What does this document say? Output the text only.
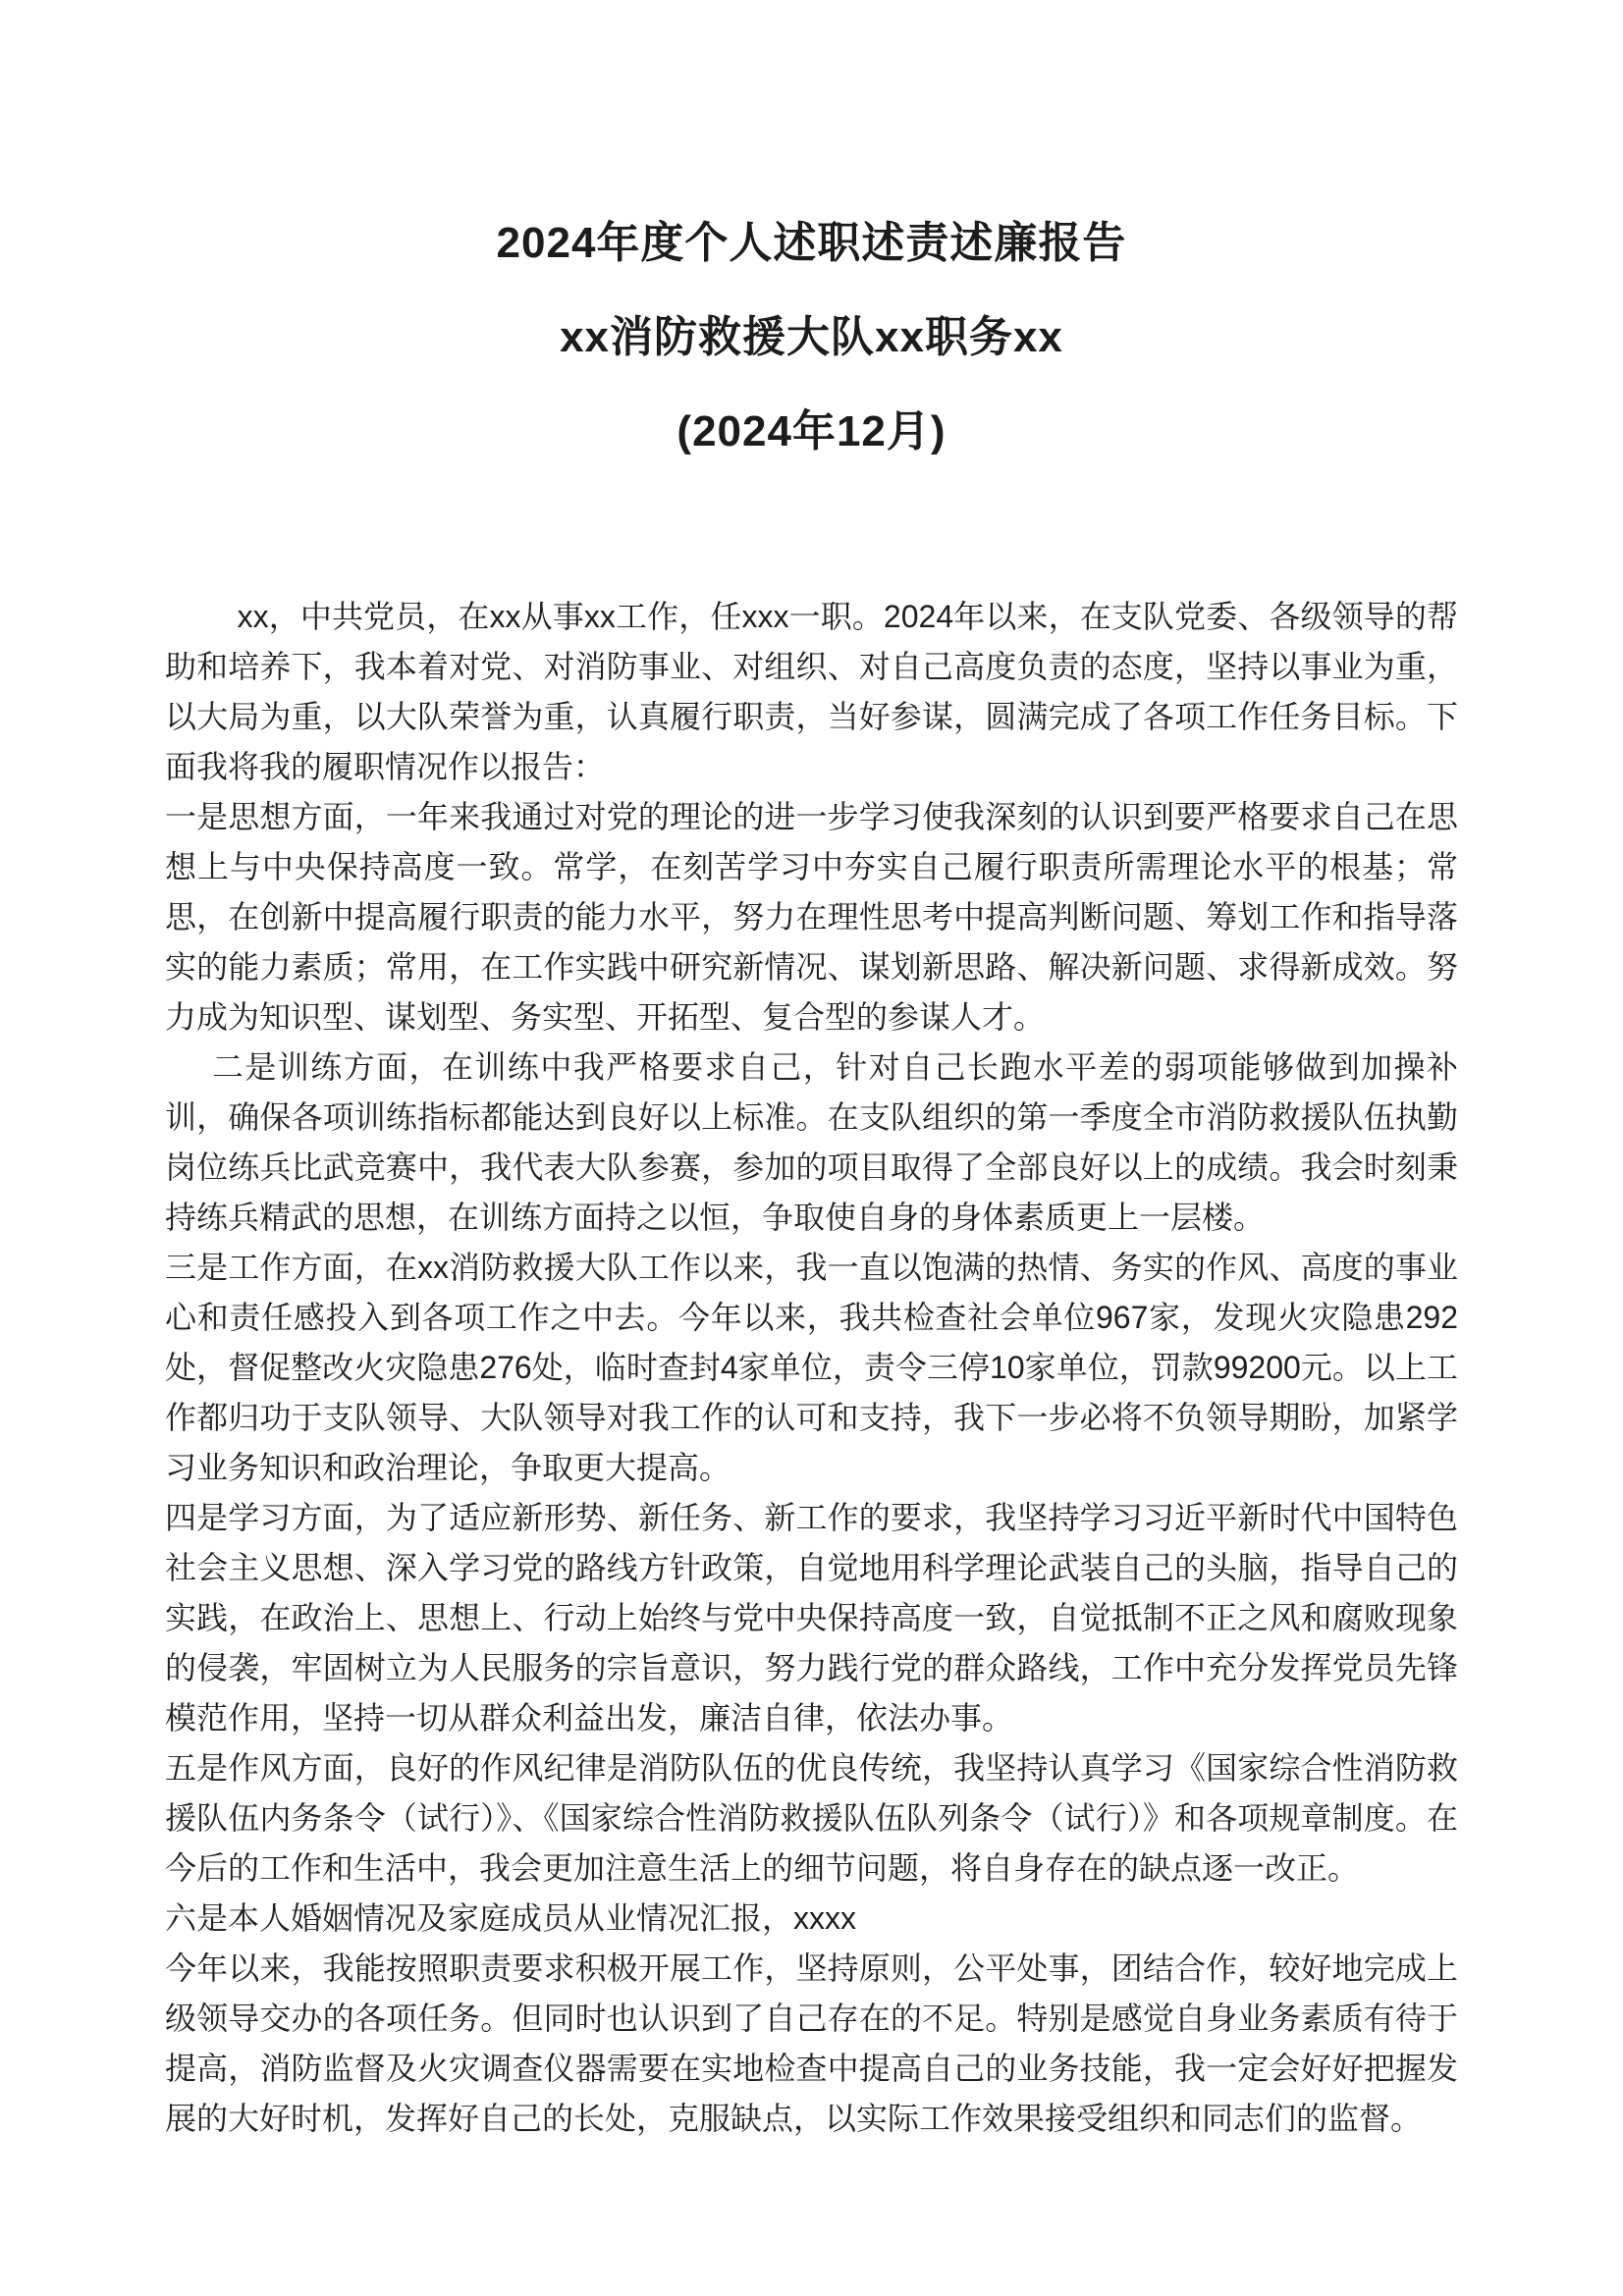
2024年度个人述职述责述廉报告
xx消防救援大队xx职务xx
(2024年12月)

xx，中共党员，在xx从事xx工作，任xxx一职。2024年以来，在支队党委、各级领导的帮助和培养下，我本着对党、对消防事业、对组织、对自己高度负责的态度，坚持以事业为重，以大局为重，以大队荣誉为重，认真履行职责，当好参谋，圆满完成了各项工作任务目标。下面我将我的履职情况作以报告：

一是思想方面，一年来我通过对党的理论的进一步学习使我深刻的认识到要严格要求自己在思想上与中央保持高度一致。常学，在刻苦学习中夯实自己履行职责所需理论水平的根基；常思，在创新中提高履行职责的能力水平，努力在理性思考中提高判断问题、筹划工作和指导落实的能力素质；常用，在工作实践中研究新情况、谋划新思路、解决新问题、求得新成效。努力成为知识型、谋划型、务实型、开拓型、复合型的参谋人才。

二是训练方面，在训练中我严格要求自己，针对自己长跑水平差的弱项能够做到加操补训，确保各项训练指标都能达到良好以上标准。在支队组织的第一季度全市消防救援队伍执勤岗位练兵比武竞赛中，我代表大队参赛，参加的项目取得了全部良好以上的成绩。我会时刻秉持练兵精武的思想，在训练方面持之以恒，争取使自身的身体素质更上一层楼。

三是工作方面，在xx消防救援大队工作以来，我一直以饱满的热情、务实的作风、高度的事业心和责任感投入到各项工作之中去。今年以来，我共检查社会单位967家，发现火灾隐患292处，督促整改火灾隐患276处，临时查封4家单位，责令三停10家单位，罚款99200元。以上工作都归功于支队领导、大队领导对我工作的认可和支持，我下一步必将不负领导期盼，加紧学习业务知识和政治理论，争取更大提高。

四是学习方面，为了适应新形势、新任务、新工作的要求，我坚持学习习近平新时代中国特色社会主义思想、深入学习党的路线方针政策，自觉地用科学理论武装自己的头脑，指导自己的实践，在政治上、思想上、行动上始终与党中央保持高度一致，自觉抵制不正之风和腐败现象的侵袭，牢固树立为人民服务的宗旨意识，努力践行党的群众路线，工作中充分发挥党员先锋模范作用，坚持一切从群众利益出发，廉洁自律，依法办事。

五是作风方面，良好的作风纪律是消防队伍的优良传统，我坚持认真学习《国家综合性消防救援队伍内务条令（试行）》、《国家综合性消防救援队伍队列条令（试行）》和各项规章制度。在今后的工作和生活中，我会更加注意生活上的细节问题，将自身存在的缺点逐一改正。

六是本人婚姻情况及家庭成员从业情况汇报，xxxx

今年以来，我能按照职责要求积极开展工作，坚持原则，公平处事，团结合作，较好地完成上级领导交办的各项任务。但同时也认识到了自己存在的不足。特别是感觉自身业务素质有待于提高，消防监督及火灾调查仪器需要在实地检查中提高自己的业务技能，我一定会好好把握发展的大好时机，发挥好自己的长处，克服缺点，以实际工作效果接受组织和同志们的监督。
